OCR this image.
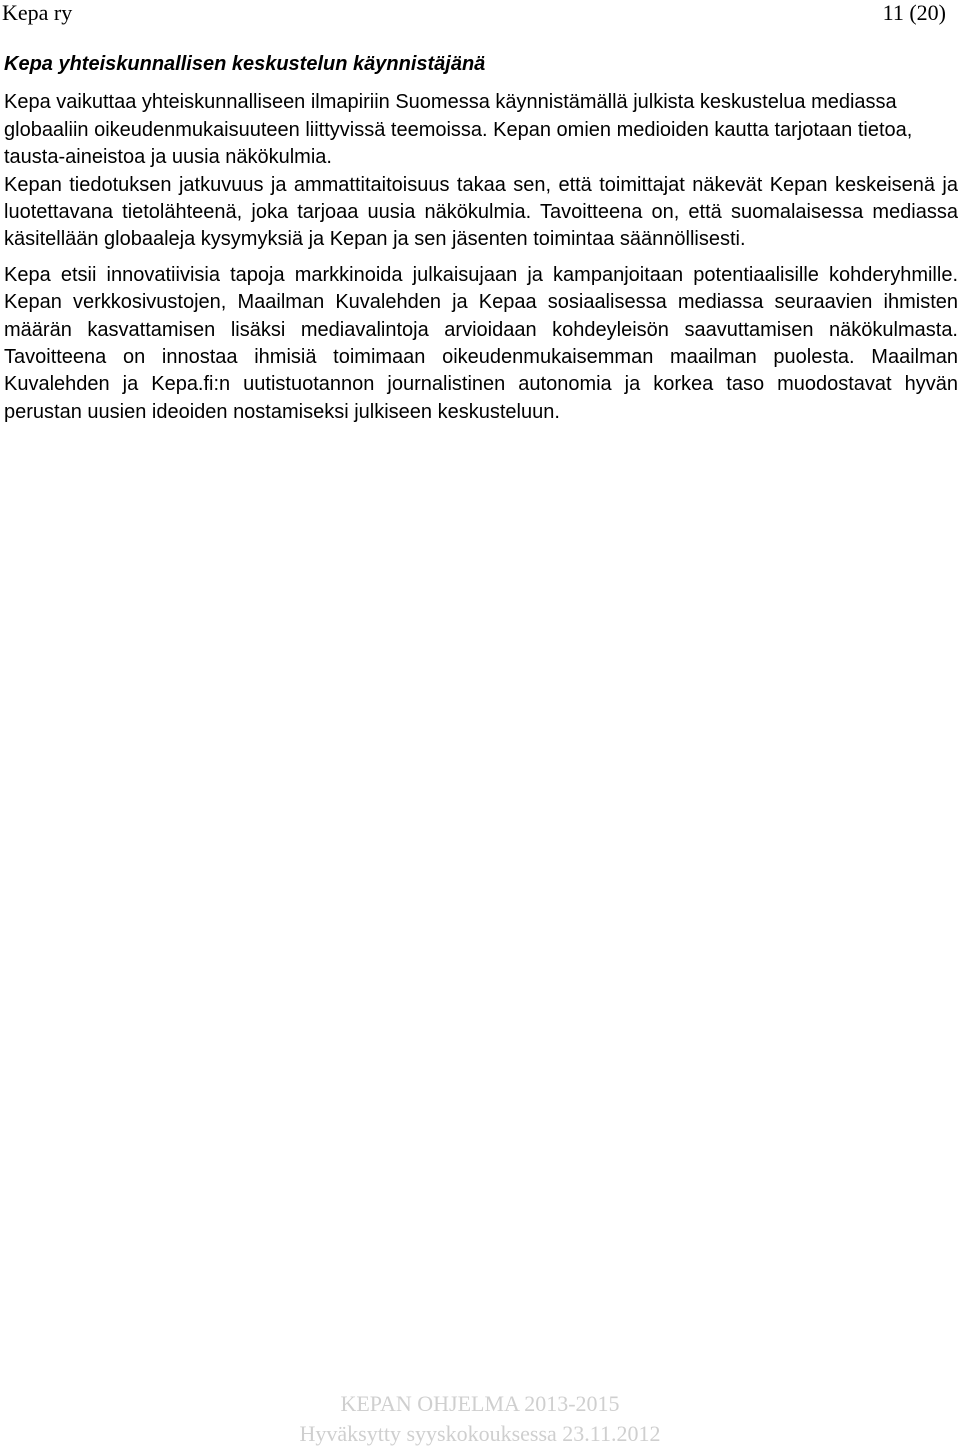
Kepa ry	11 (20)
Kepa yhteiskunnallisen keskustelun käynnistäjänä

Kepa vaikuttaa yhteiskunnalliseen ilmapiriin Suomessa käynnistämällä julkista keskustelua mediassa globaaliin oikeudenmukaisuuteen liittyvissä teemoissa. Kepan omien medioiden kautta tarjotaan tietoa, tausta-aineistoa ja uusia näkökulmia.

Kepan tiedotuksen jatkuvuus ja ammattitaitoisuus takaa sen, että toimittajat näkevät Kepan keskeisenä ja luotettavana tietolähteenä, joka tarjoaa uusia näkökulmia. Tavoitteena on, että suomalaisessa mediassa käsitellään globaaleja kysymyksiä ja Kepan ja sen jäsenten toimintaa säännöllisesti.

Kepa etsii innovatiivisia tapoja markkinoida julkaisujaan ja kampanjoitaan potentiaalisille kohderyhmille. Kepan verkkosivustojen, Maailman Kuvalehden ja Kepaa sosiaalisessa mediassa seuraavien ihmisten määrän kasvattamisen lisäksi mediavalintoja arvioidaan kohdeyleisön saavuttamisen näkökulmasta. Tavoitteena on innostaa ihmisiä toimimaan oikeudenmukaisemman maailman puolesta. Maailman Kuvalehden ja Kepa.fi:n uutistuotannon journalistinen autonomia ja korkea taso muodostavat hyvän perustan uusien ideoiden nostamiseksi julkiseen keskusteluun.

KEPAN OHJELMA 2013-2015
Hyväksytty syyskokouksessa 23.11.2012
